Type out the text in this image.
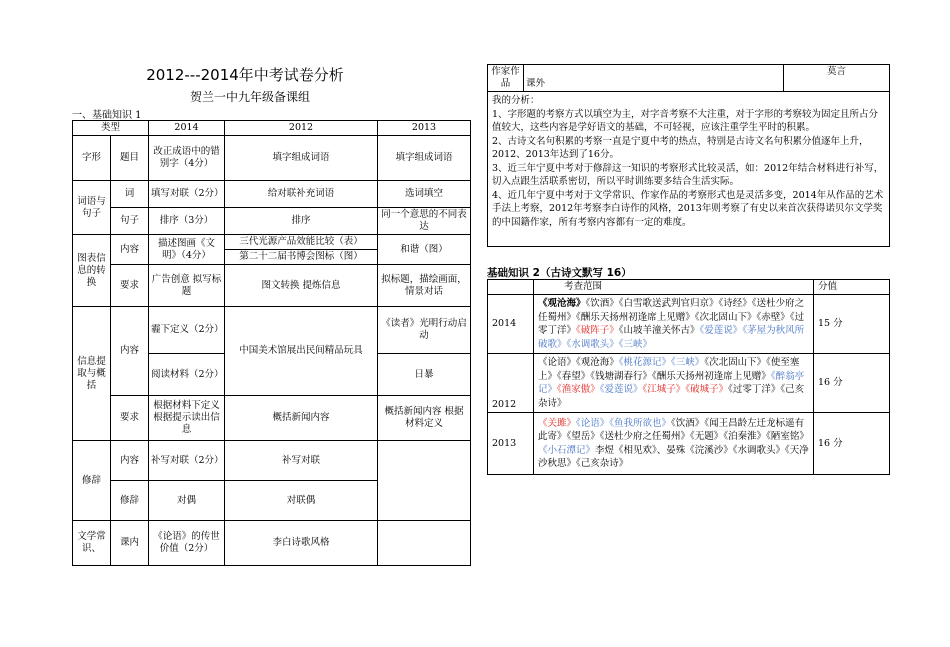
2012---2014年中考试卷分析
贺兰一中九年级备课组
一、基础知识 1
类型		2014	2012	2013
字形	题目	改正成语中的错别字（4分）	填字组成词语	填字组成词语
词语与句子	词	填写对联（2分）	给对联补充词语	选词填空
	句子	排序（3分）	排序	同一个意思的不同表达
图表信息的转换	内容	描述图画《文明》（4分）	三代光源产品效能比较（表）	和谐（图）
			第二十二届书博会图标（图）	
	要求	广告创意 拟写标题	图文转换 提炼信息	拟标题，描绘画面，情景对话
信息提取与概括	内容	霾下定义（2分）	中国美术馆展出民间精品玩具	《读者》光明行动启动
		阅读材料（2分）		日暴
	要求	根据材料下定义 根据提示读出信息	概括新闻内容	概括新闻内容 根据材料定义
修辞	内容	补写对联（2分）	补写对联	
	修辞	对偶	对联偶	
文学常识、	课内	《论语》的传世价值（2分）	李白诗歌风格	
作家作品	课外	莫言

我的分析：
1、字形题的考察方式以填空为主，对字音考察不大注重，对于字形的考察较为固定且所占分值较大，这些内容是学好语文的基础，不可轻视，应该注重学生平时的积累。
2、古诗文名句积累的考察一直是宁夏中考的热点，特别是古诗文名句积累分值逐年上升，2012、2013年达到了16分。
3、近三年宁夏中考对于修辞这一知识的考察形式比较灵活，如：2012年结合材料进行补写，切入点跟生活联系密切，所以平时训练要多结合生活实际。
4、近几年宁夏中考对于文学常识、作家作品的考察形式也是灵活多变，2014年从作品的艺术手法上考察，2012年考察李白诗作的风格，2013年则考察了有史以来首次获得诺贝尔文学奖的中国籍作家，所有考察内容都有一定的难度。
基础知识 2（古诗文默写 16）
	考查范围	分值
2014	《观沧海》《饮酒》《白雪歌送武判官归京》《诗经》《送杜少府之任蜀州》《酬乐天扬州初逢席上见赠》《次北固山下》《赤壁》《过零丁洋》《破阵子》《山坡羊潼关怀古》《爱莲说》《茅屋为秋风所破歌》《水调歌头》《三峡》	15 分
2012	《论语》《观沧海》《桃花源记》《三峡》《次北固山下》《使至塞上》《春望》《钱塘湖春行》《酬乐天扬州初逢席上见赠》《醉翁亭记》《渔家傲》《爱莲说》《江城子》《破城子》《过零丁洋》《己亥杂诗》	16 分
2013	《关雎》《论语》《鱼我所欲也》《饮酒》《闻王昌龄左迁龙标遥有此寄》《望岳》《送杜少府之任蜀州》《无题》《泊秦淮》《陋室铭》《小石潭记》李煜《相见欢》、晏殊《浣溪沙》《水调歌头》《天净沙秋思》《己亥杂诗》	16 分
